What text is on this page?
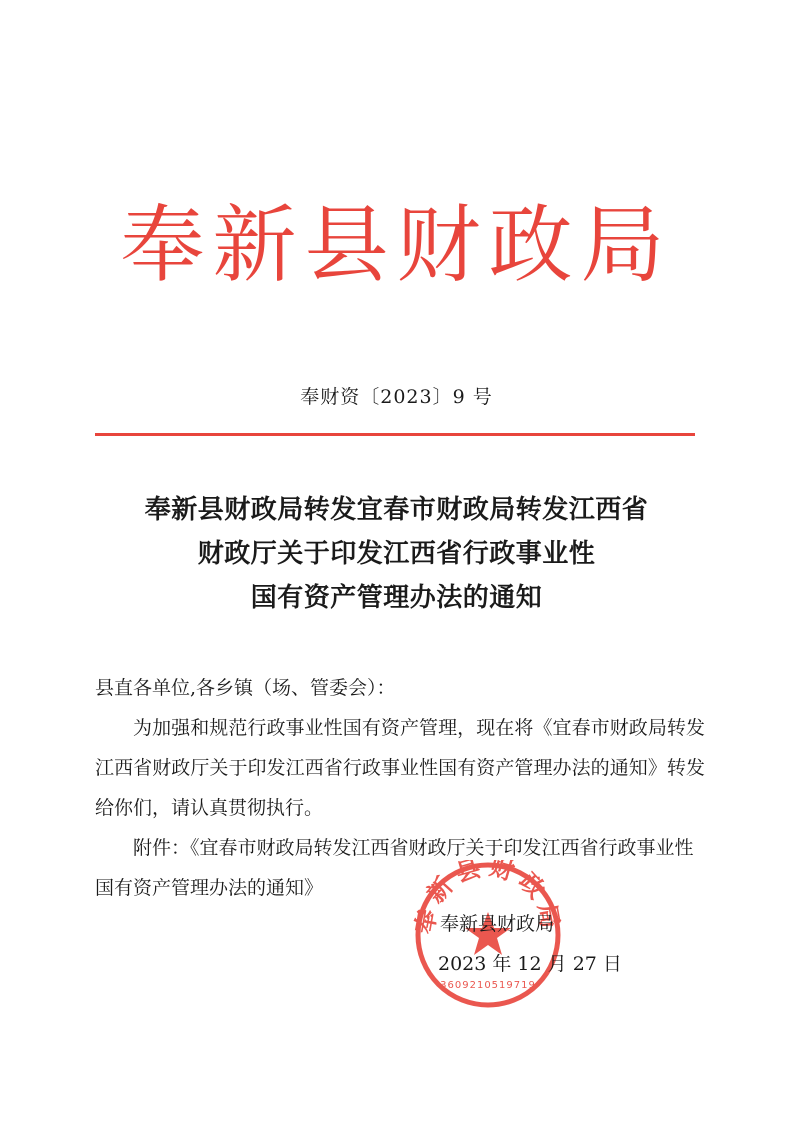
奉新县财政局
奉财资〔2023〕9 号
奉新县财政局转发宜春市财政局转发江西省
财政厅关于印发江西省行政事业性
国有资产管理办法的通知
县直各单位,各乡镇（场、管委会）：
为加强和规范行政事业性国有资产管理，现在将《宜春市财政局转发江西省财政厅关于印发江西省行政事业性国有资产管理办法的通知》转发给你们，请认真贯彻执行。
附件：《宜春市财政局转发江西省财政厅关于印发江西省行政事业性国有资产管理办法的通知》	新县财政
3609210519719
奉新县财政局
2023 年 12 月 27 日
